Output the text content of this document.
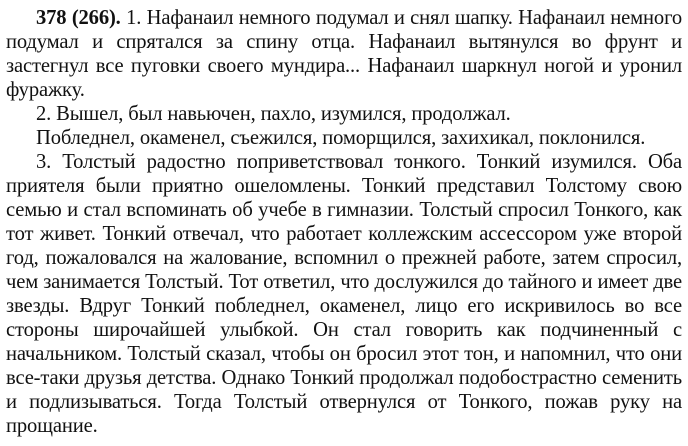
378 (266). 1. Нафанаил немного подумал и снял шапку. Нафанаил немного подумал и спрятался за спину отца. Нафанаил вытянулся во фрунт и застегнул все пуговки своего мундира... Нафанаил шаркнул ногой и уронил фуражку.

2. Вышел, был навьючен, пахло, изумился, продолжал.

Побледнел, окаменел, съежился, поморщился, захихикал, поклонился.

3. Толстый радостно поприветствовал тонкого. Тонкий изумился. Оба приятеля были приятно ошеломлены. Тонкий представил Толстому свою семью и стал вспоминать об учебе в гимназии. Толстый спросил Тонкого, как тот живет. Тонкий отвечал, что работает коллежским ассессором уже второй год, пожаловался на жалование, вспомнил о прежней работе, затем спросил, чем занимается Толстый. Тот ответил, что дослужился до тайного и имеет две звезды. Вдруг Тонкий побледнел, окаменел, лицо его искривилось во все стороны широчайшей улыбкой. Он стал говорить как подчиненный с начальником. Толстый сказал, чтобы он бросил этот тон, и напомнил, что они все-таки друзья детства. Однако Тонкий продолжал подобострастно семенить и подлизываться. Тогда Толстый отвернулся от Тонкого, пожав руку на прощание.
